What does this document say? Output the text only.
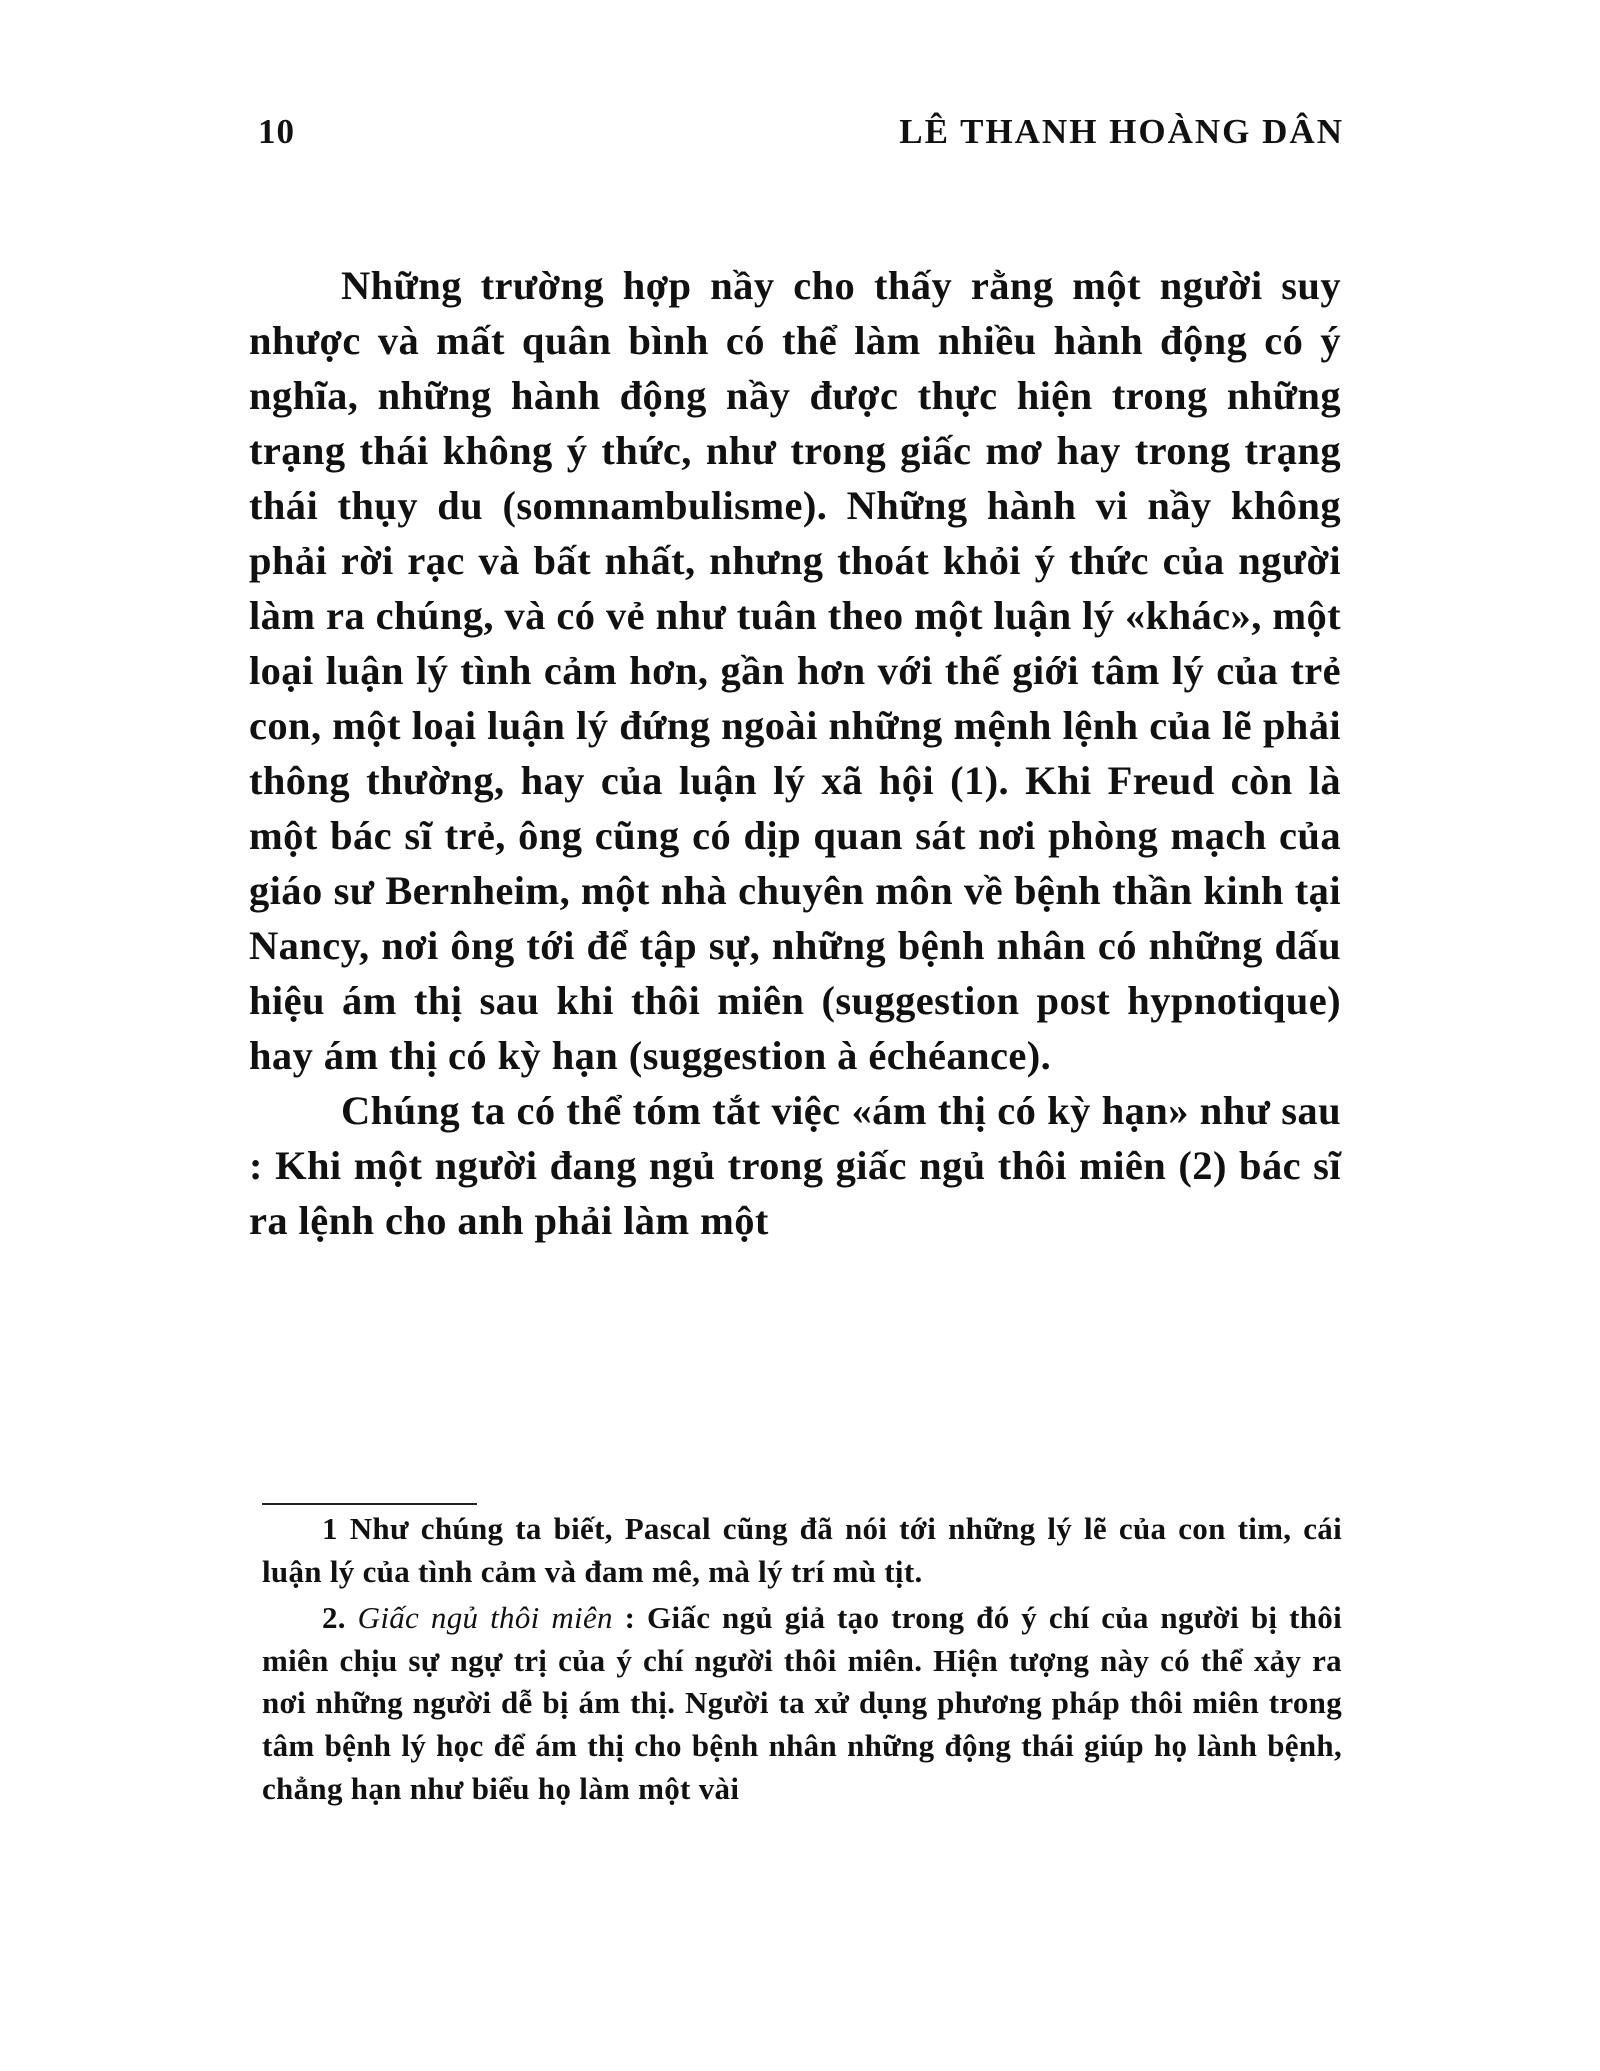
10	LÊ THANH HOÀNG DÂN

Những trường hợp nầy cho thấy rằng một người suy nhược và mất quân bình có thể làm nhiều hành động có ý nghĩa, những hành động nầy được thực hiện trong những trạng thái không ý thức, như trong giấc mơ hay trong trạng thái thụy du (somnambulisme). Những hành vi nầy không phải rời rạc và bất nhất, nhưng thoát khỏi ý thức của người làm ra chúng, và có vẻ như tuân theo một luận lý «khác», một loại luận lý tình cảm hơn, gần hơn với thế giới tâm lý của trẻ con, một loại luận lý đứng ngoài những mệnh lệnh của lẽ phải thông thường, hay của luận lý xã hội (1). Khi Freud còn là một bác sĩ trẻ, ông cũng có dịp quan sát nơi phòng mạch của giáo sư Bernheim, một nhà chuyên môn về bệnh thần kinh tại Nancy, nơi ông tới để tập sự, những bệnh nhân có những dấu hiệu ám thị sau khi thôi miên (suggestion post hypnotique) hay ám thị có kỳ hạn (suggestion à échéance).

Chúng ta có thể tóm tắt việc «ám thị có kỳ hạn» như sau : Khi một người đang ngủ trong giấc ngủ thôi miên (2) bác sĩ ra lệnh cho anh phải làm một

1 Như chúng ta biết, Pascal cũng đã nói tới những lý lẽ của con tim, cái luận lý của tình cảm và đam mê, mà lý trí mù tịt.

2. Giấc ngủ thôi miên : Giấc ngủ giả tạo trong đó ý chí của người bị thôi miên chịu sự ngự trị của ý chí người thôi miên. Hiện tượng này có thể xảy ra nơi những người dễ bị ám thị. Người ta xử dụng phương pháp thôi miên trong tâm bệnh lý học để ám thị cho bệnh nhân những động thái giúp họ lành bệnh, chẳng hạn như biểu họ làm một vài
